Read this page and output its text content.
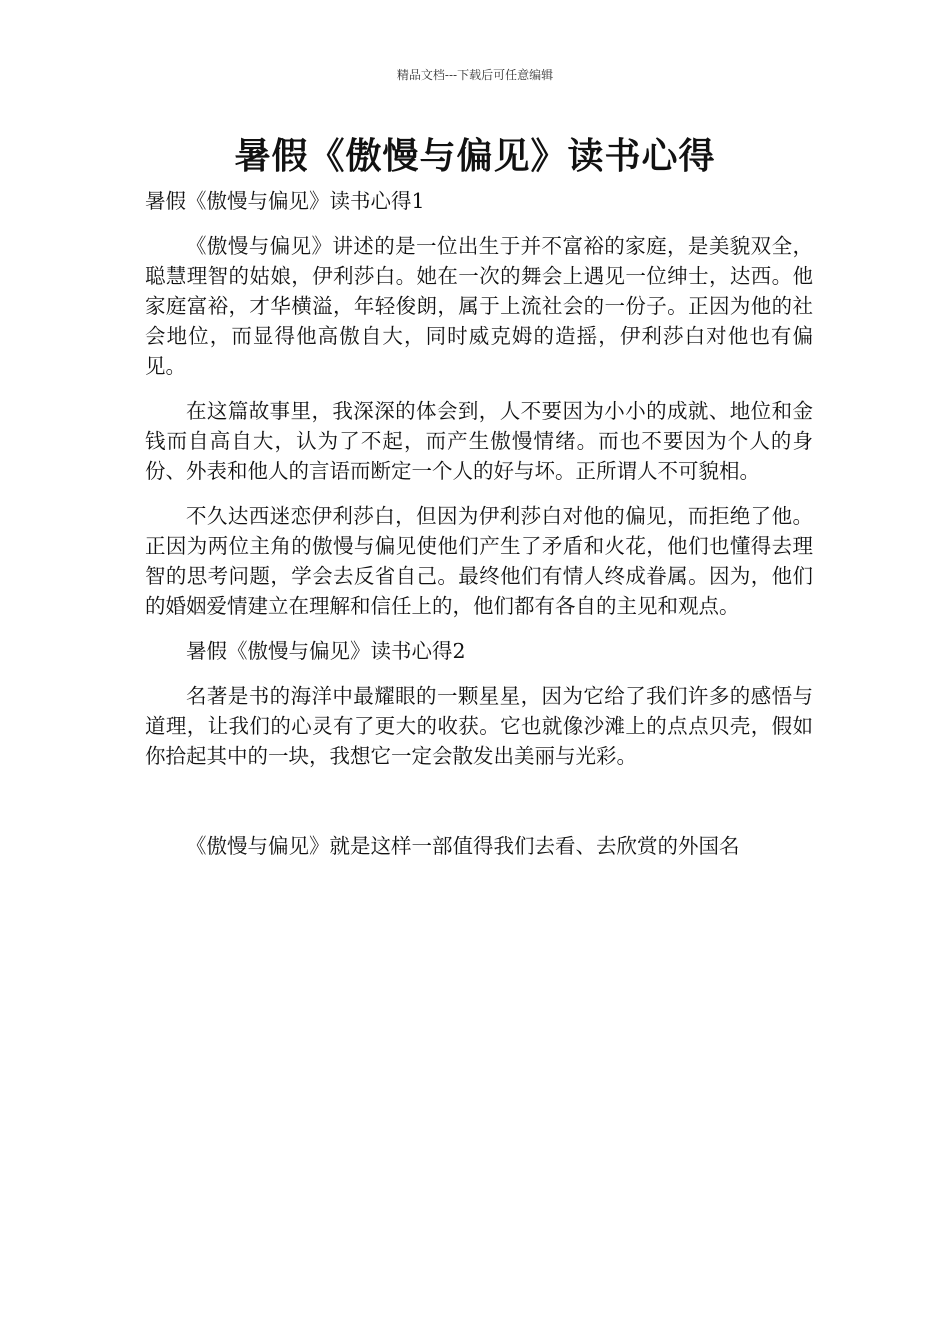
精品文档---下载后可任意编辑
暑假《傲慢与偏见》读书心得

暑假《傲慢与偏见》读书心得1

《傲慢与偏见》讲述的是一位出生于并不富裕的家庭，是美貌双全，聪慧理智的姑娘，伊利莎白。她在一次的舞会上遇见一位绅士，达西。他家庭富裕，才华横溢，年轻俊朗，属于上流社会的一份子。正因为他的社会地位，而显得他高傲自大，同时威克姆的造摇，伊利莎白对他也有偏见。

在这篇故事里，我深深的体会到，人不要因为小小的成就、地位和金钱而自高自大，认为了不起，而产生傲慢情绪。而也不要因为个人的身份、外表和他人的言语而断定一个人的好与坏。正所谓人不可貌相。

不久达西迷恋伊利莎白，但因为伊利莎白对他的偏见，而拒绝了他。正因为两位主角的傲慢与偏见使他们产生了矛盾和火花，他们也懂得去理智的思考问题，学会去反省自己。最终他们有情人终成眷属。因为，他们的婚姻爱情建立在理解和信任上的，他们都有各自的主见和观点。

暑假《傲慢与偏见》读书心得2

名著是书的海洋中最耀眼的一颗星星，因为它给了我们许多的感悟与道理，让我们的心灵有了更大的收获。它也就像沙滩上的点点贝壳，假如你拾起其中的一块，我想它一定会散发出美丽与光彩。

《傲慢与偏见》就是这样一部值得我们去看、去欣赏的外国名
